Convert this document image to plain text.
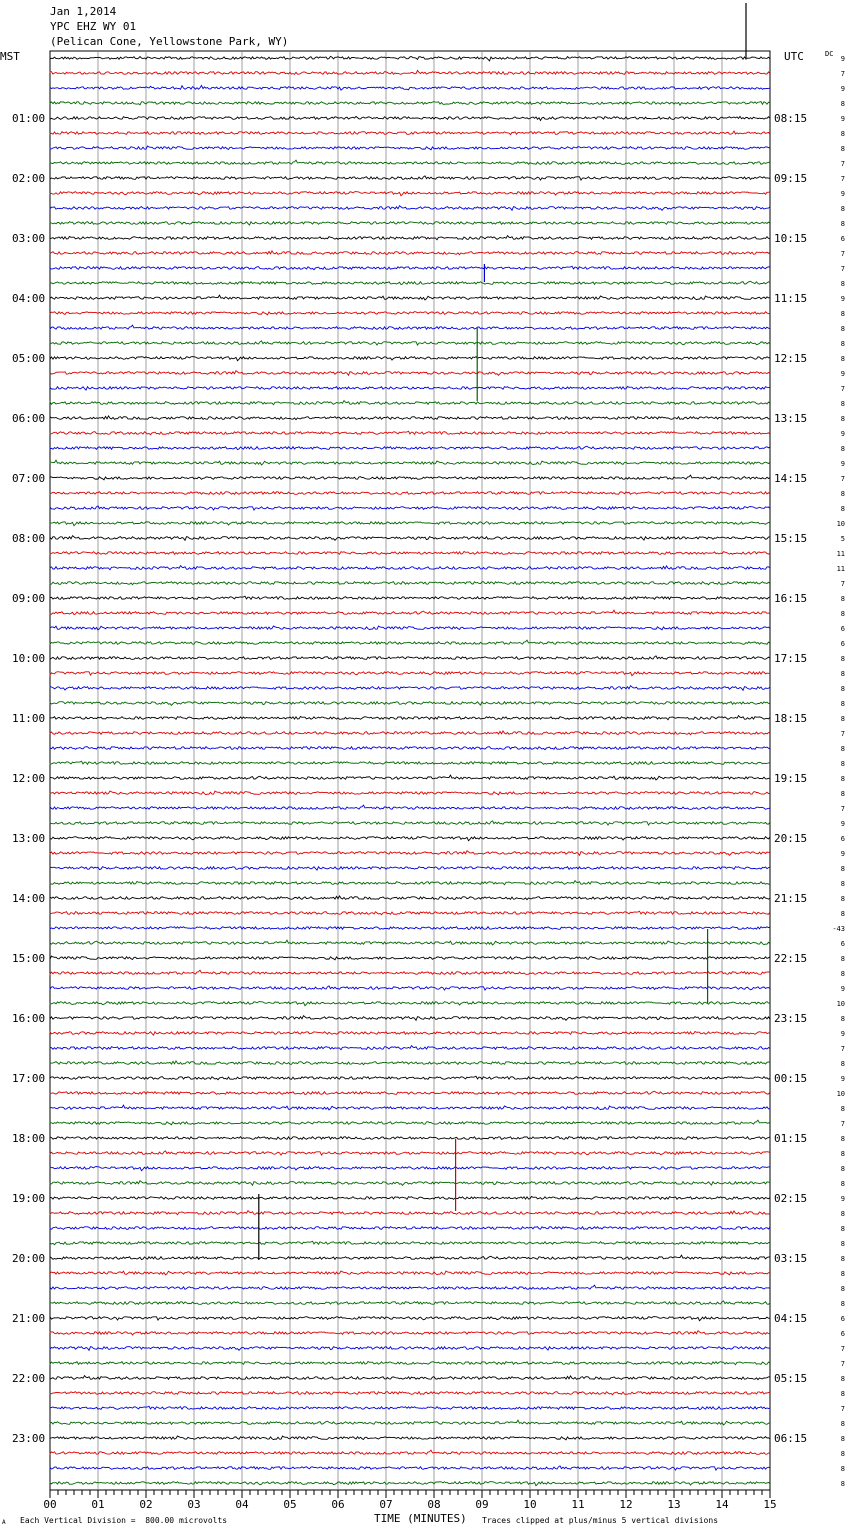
00	01	02	03	04	05	06	07	08	09	10	11	12	13	14	15
01:00
02:00
03:00
04:00
05:00
06:00
07:00
08:00
09:00
10:00
11:00
12:00
13:00
14:00
15:00
16:00
17:00
18:00
19:00
20:00
21:00
22:00
23:00
08:15
09:15
10:15
11:15
12:15
13:15
14:15
15:15
16:15
17:15
18:15
19:15
20:15
21:15
22:15
23:15
00:15
01:15
02:15
03:15
04:15
05:15
06:15
9
7
9
8
9
8
8
7
7
9
8
8
6
7
7
8
9
8
8
8
8
9
7
8
8
9
8
9
7
8
8
10
5
11
11
7
8
8
6
6
8
8
8
8
8
7
8
8
8
8
7
9
6
9
8
8
8
8
-43
6
8
8
9
10
8
9
7
8
9
10
8
7
8
8
8
8
9
8
8
8
8
8
8
8
6
6
7
7
8
8
7
8
8
8
8
8
Jan 1,2014
YPC EHZ WY 01
(Pelican Cone, Yellowstone Park, WY)
MST	UTC	DC
A Each Vertical Division =  800.00 microvolts	TIME (MINUTES) Traces clipped at plus/minus 5 vertical divisions
